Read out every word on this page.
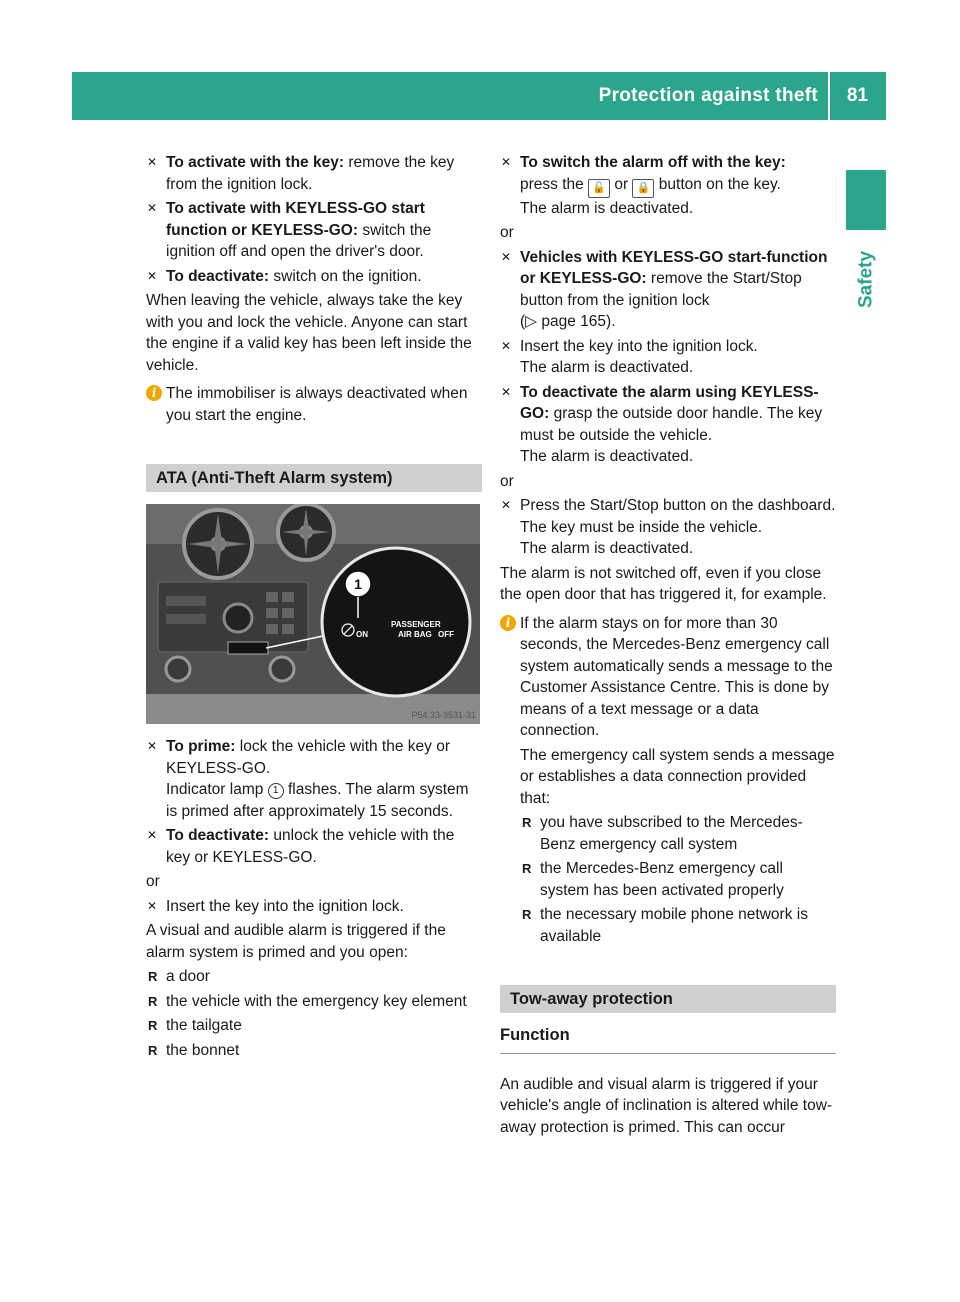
Protection against theft 81
Safety

✕ To activate with the key: remove the key from the ignition lock.

✕ To activate with KEYLESS-GO start function or KEYLESS-GO: switch the ignition off and open the driver's door.

✕ To deactivate: switch on the ignition.

When leaving the vehicle, always take the key with you and lock the vehicle. Anyone can start the engine if a valid key has been left inside the vehicle.

i The immobiliser is always deactivated when you start the engine.

ATA (Anti-Theft Alarm system)
1
PASSENGER
AIR BAG
ON	OFF
P54.33-3531-31

✕ To prime: lock the vehicle with the key or KEYLESS-GO.
Indicator lamp 1 flashes. The alarm system is primed after approximately 15 seconds.

✕ To deactivate: unlock the vehicle with the key or KEYLESS-GO.

or

✕ Insert the key into the ignition lock.

A visual and audible alarm is triggered if the alarm system is primed and you open:

R a door

R the vehicle with the emergency key element

R the tailgate

R the bonnet

✕ To switch the alarm off with the key:
press the 🔓 or 🔒 button on the key.
The alarm is deactivated.

or

✕ Vehicles with KEYLESS-GO start-function or KEYLESS-GO: remove the Start/Stop button from the ignition lock
(▷ page 165).

✕ Insert the key into the ignition lock.
The alarm is deactivated.

✕ To deactivate the alarm using KEYLESS-GO: grasp the outside door handle. The key must be outside the vehicle.
The alarm is deactivated.

or

✕ Press the Start/Stop button on the dashboard. The key must be inside the vehicle.
The alarm is deactivated.

The alarm is not switched off, even if you close the open door that has triggered it, for example.

i If the alarm stays on for more than 30 seconds, the Mercedes-Benz emergency call system automatically sends a message to the Customer Assistance Centre. This is done by means of a text message or a data connection.

The emergency call system sends a message or establishes a data connection provided that:

R you have subscribed to the Mercedes-Benz emergency call system

R the Mercedes-Benz emergency call system has been activated properly

R the necessary mobile phone network is available

Tow-away protection
Function

An audible and visual alarm is triggered if your vehicle's angle of inclination is altered while tow-away protection is primed. This can occur
